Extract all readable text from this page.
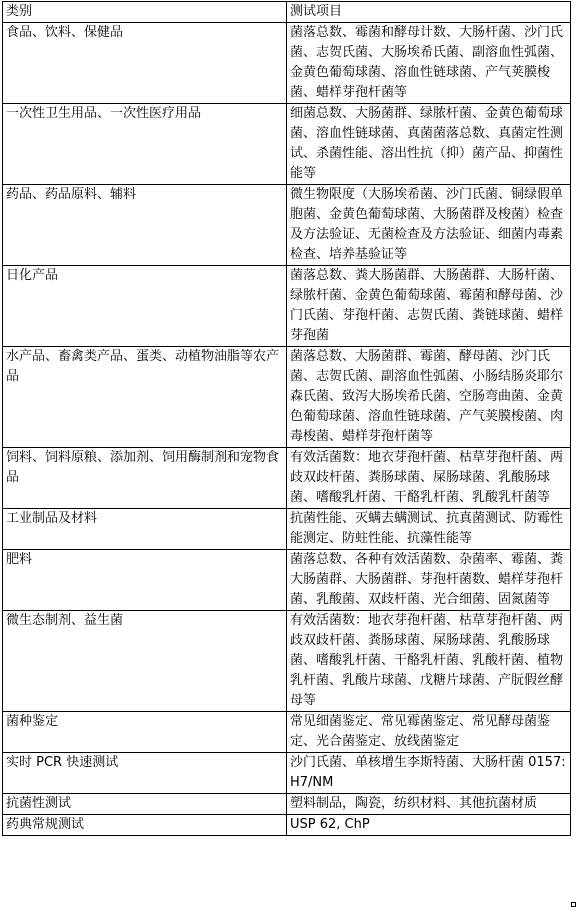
类别	测试项目
食品、饮料、保健品	菌落总数、霉菌和酵母计数、大肠杆菌、沙门氏菌、志贺氏菌、大肠埃希氏菌、副溶血性弧菌、金黄色葡萄球菌、溶血性链球菌、产气荚膜梭菌、蜡样芽孢杆菌等
一次性卫生用品、一次性医疗用品	细菌总数、大肠菌群、绿脓杆菌、金黄色葡萄球菌、溶血性链球菌、真菌菌落总数、真菌定性测试、杀菌性能、溶出性抗（抑）菌产品、抑菌性能等
药品、药品原料、辅料	微生物限度（大肠埃希菌、沙门氏菌、铜绿假单胞菌、金黄色葡萄球菌、大肠菌群及梭菌）检查及方法验证、无菌检查及方法验证、细菌内毒素检查、培养基验证等
日化产品	菌落总数、粪大肠菌群、大肠菌群、大肠杆菌、绿脓杆菌、金黄色葡萄球菌、霉菌和酵母菌、沙门氏菌、芽孢杆菌、志贺氏菌、粪链球菌、蜡样芽孢菌
水产品、畜禽类产品、蛋类、动植物油脂等农产品	菌落总数、大肠菌群、霉菌、酵母菌、沙门氏菌、志贺氏菌、副溶血性弧菌、小肠结肠炎耶尔森氏菌、致泻大肠埃希氏菌、空肠弯曲菌、金黄色葡萄球菌、溶血性链球菌、产气荚膜梭菌、肉毒梭菌、蜡样芽孢杆菌等
饲料、饲料原粮、添加剂、饲用酶制剂和宠物食品	有效活菌数：地衣芽孢杆菌、枯草芽孢杆菌、两歧双歧杆菌、粪肠球菌、屎肠球菌、乳酸肠球菌、嗜酸乳杆菌、干酪乳杆菌、乳酸乳杆菌等
工业制品及材料	抗菌性能、灭螨去螨测试、抗真菌测试、防霉性能测定、防蛀性能、抗藻性能等
肥料	菌落总数、各种有效活菌数、杂菌率、霉菌、粪大肠菌群、大肠菌群、芽孢杆菌数、蜡样芽孢杆菌、乳酸菌、双歧杆菌、光合细菌、固氮菌等
微生态制剂、益生菌	有效活菌数：地衣芽孢杆菌、枯草芽孢杆菌、两歧双歧杆菌、粪肠球菌、屎肠球菌、乳酸肠球菌、嗜酸乳杆菌、干酪乳杆菌、乳酸杆菌、植物乳杆菌、乳酸片球菌、戊糖片球菌、产朊假丝酵母等
菌种鉴定	常见细菌鉴定、常见霉菌鉴定、常见酵母菌鉴定、光合菌鉴定、放线菌鉴定
实时 PCR 快速测试	沙门氏菌、单核增生李斯特菌、大肠杆菌 0157:H7/NM
抗菌性测试	塑料制品，陶瓷，纺织材料、其他抗菌材质
药典常规测试	USP 62, ChP
